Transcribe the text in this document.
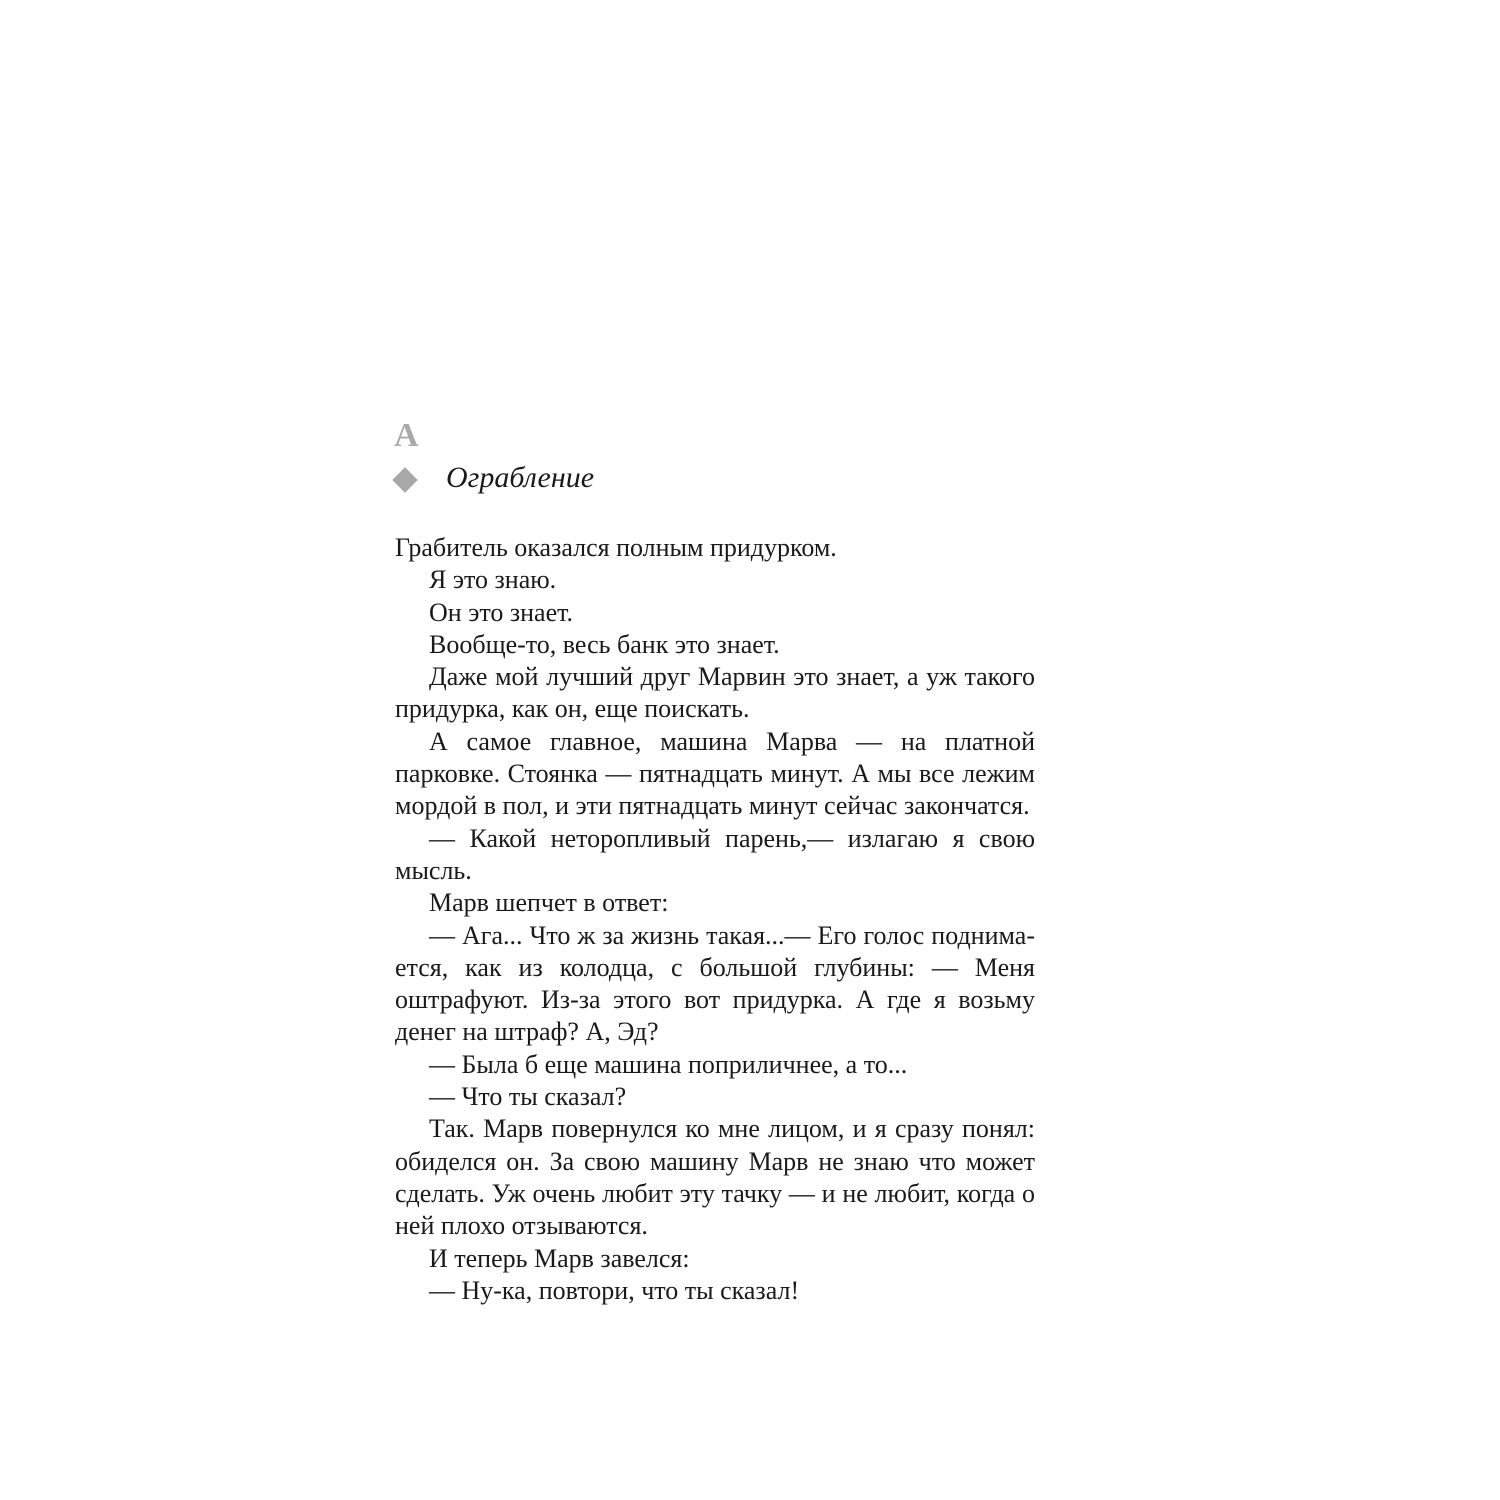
А
Ограбление

Грабитель оказался полным придурком.

Я это знаю.

Он это знает.

Вообще-то, весь банк это знает.

Даже мой лучший друг Марвин это знает, а уж такого придурка, как он, еще поискать.

А самое главное, машина Марва — на платной парковке. Стоянка — пятнадцать минут. А мы все лежим мордой в пол, и эти пятнадцать минут сейчас закончатся.

— Какой неторопливый парень,— излагаю я свою мысль.

Марв шепчет в ответ:

— Ага... Что ж за жизнь такая...— Его голос поднимается, как из колодца, с большой глубины: — Меня оштрафуют. Из-за этого вот придурка. А где я возьму денег на штраф? А, Эд?

— Была б еще машина поприличнее, а то...

— Что ты сказал?

Так. Марв повернулся ко мне лицом, и я сразу понял: обиделся он. За свою машину Марв не знаю что может сделать. Уж очень любит эту тачку — и не любит, когда о ней плохо отзываются.

И теперь Марв завелся:

— Ну-ка, повтори, что ты сказал!
